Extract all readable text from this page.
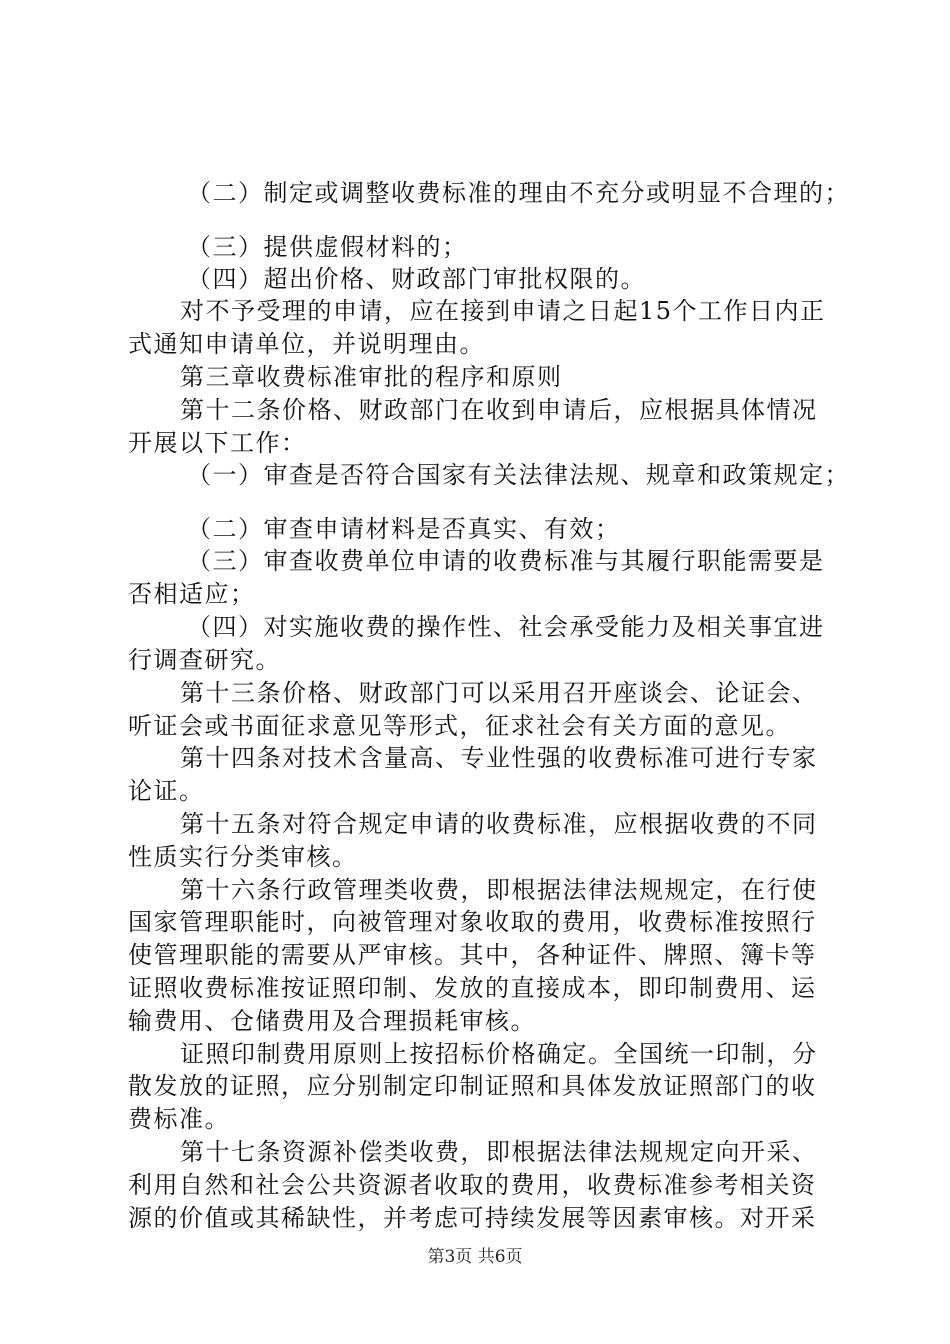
（二）制定或调整收费标准的理由不充分或明显不合理的；
（三）提供虚假材料的；
（四）超出价格、财政部门审批权限的。
对不予受理的申请，应在接到申请之日起15个工作日内正
式通知申请单位，并说明理由。
第三章收费标准审批的程序和原则
第十二条价格、财政部门在收到申请后，应根据具体情况
开展以下工作：
（一）审查是否符合国家有关法律法规、规章和政策规定；
（二）审查申请材料是否真实、有效；
（三）审查收费单位申请的收费标准与其履行职能需要是
否相适应；
（四）对实施收费的操作性、社会承受能力及相关事宜进
行调查研究。
第十三条价格、财政部门可以采用召开座谈会、论证会、
听证会或书面征求意见等形式，征求社会有关方面的意见。
第十四条对技术含量高、专业性强的收费标准可进行专家
论证。
第十五条对符合规定申请的收费标准，应根据收费的不同
性质实行分类审核。
第十六条行政管理类收费，即根据法律法规规定，在行使
国家管理职能时，向被管理对象收取的费用，收费标准按照行
使管理职能的需要从严审核。其中，各种证件、牌照、簿卡等
证照收费标准按证照印制、发放的直接成本，即印制费用、运
输费用、仓储费用及合理损耗审核。
证照印制费用原则上按招标价格确定。全国统一印制，分
散发放的证照，应分别制定印制证照和具体发放证照部门的收
费标准。
第十七条资源补偿类收费，即根据法律法规规定向开采、
利用自然和社会公共资源者收取的费用，收费标准参考相关资
源的价值或其稀缺性，并考虑可持续发展等因素审核。对开采
第3页 共6页
